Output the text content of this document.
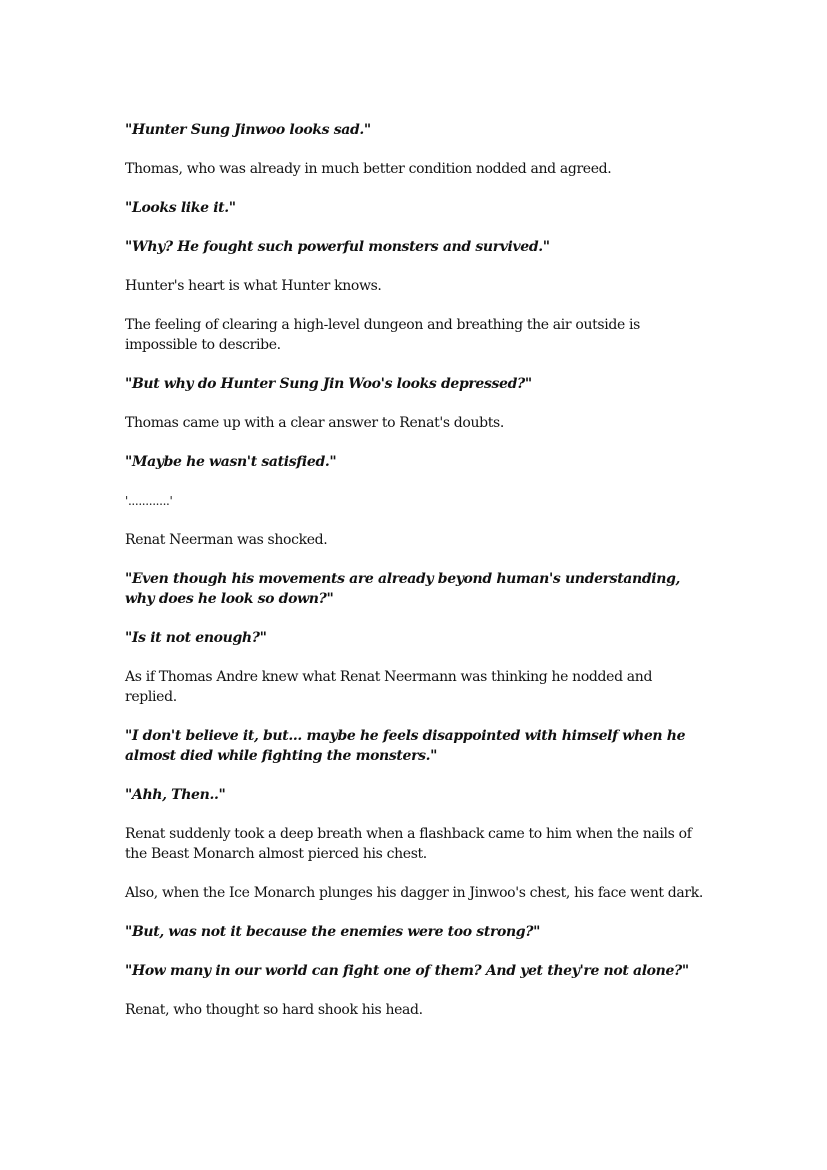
"Hunter Sung Jinwoo looks sad."

Thomas, who was already in much better condition nodded and agreed.

"Looks like it."

"Why? He fought such powerful monsters and survived."

Hunter's heart is what Hunter knows.

The feeling of clearing a high-level dungeon and breathing the air outside is impossible to describe.

"But why do Hunter Sung Jin Woo's looks depressed?"

Thomas came up with a clear answer to Renat's doubts.

"Maybe he wasn't satisfied."

'............'

Renat Neerman was shocked.

"Even though his movements are already beyond human's understanding, why does he look so down?"

"Is it not enough?"

As if Thomas Andre knew what Renat Neermann was thinking he nodded and replied.

"I don't believe it, but... maybe he feels disappointed with himself when he almost died while fighting the monsters."

"Ahh, Then.."

Renat suddenly took a deep breath when a flashback came to him when the nails of the Beast Monarch almost pierced his chest.

Also, when the Ice Monarch plunges his dagger in Jinwoo's chest, his face went dark.

"But, was not it because the enemies were too strong?"

"How many in our world can fight one of them? And yet they're not alone?"

Renat, who thought so hard shook his head.
